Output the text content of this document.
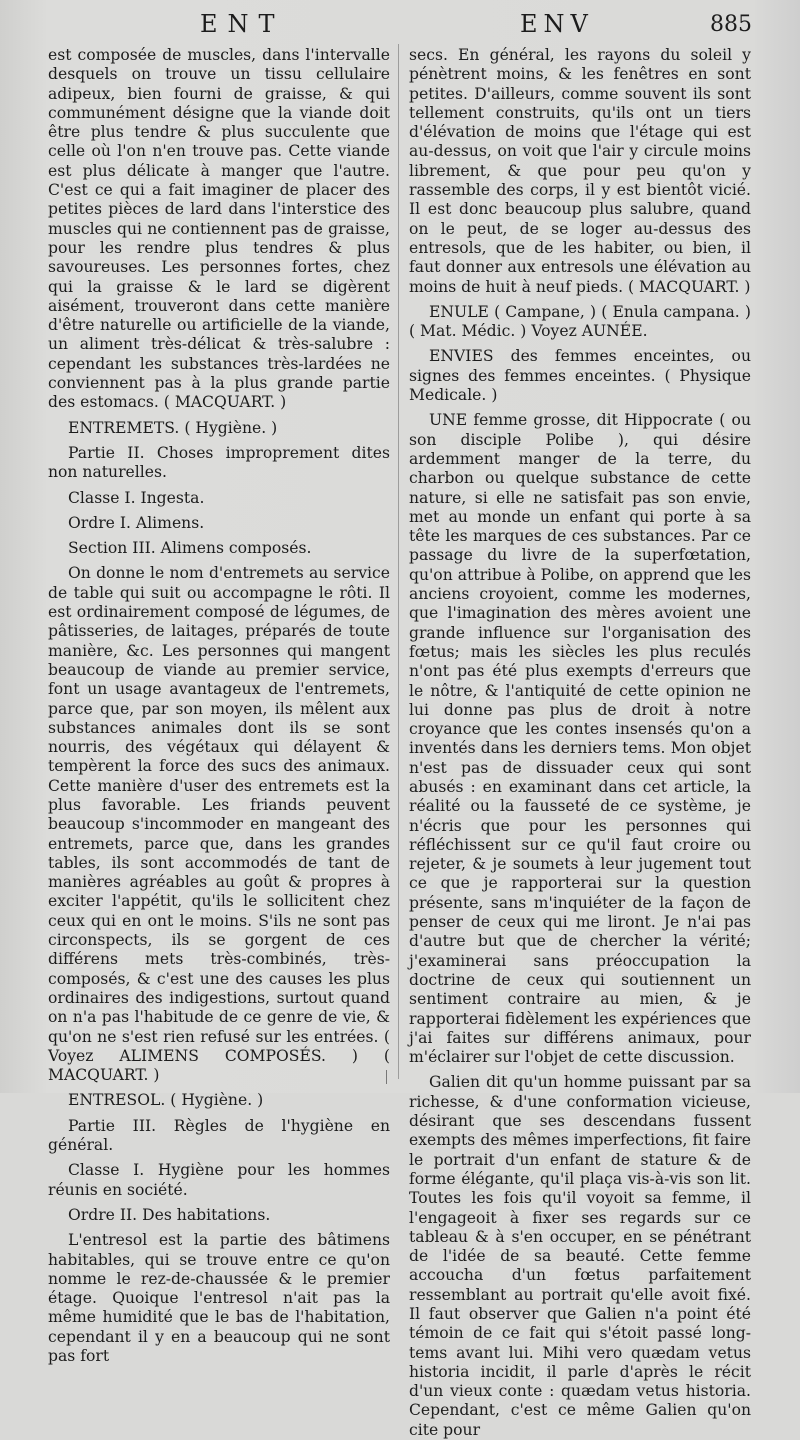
ENT	ENV	885

est composée de muscles, dans l'intervalle desquels on trouve un tissu cellulaire adipeux, bien fourni de graisse, & qui communément désigne que la viande doit être plus tendre & plus succulente que celle où l'on n'en trouve pas. Cette viande est plus délicate à manger que l'autre. C'est ce qui a fait imaginer de placer des petites pièces de lard dans l'interstice des muscles qui ne contiennent pas de graisse, pour les rendre plus tendres & plus savoureuses. Les personnes fortes, chez qui la graisse & le lard se digèrent aisément, trouveront dans cette manière d'être naturelle ou artificielle de la viande, un aliment très-délicat & très-salubre : cependant les substances très-lardées ne conviennent pas à la plus grande partie des estomacs. ( MACQUART. )

ENTREMETS. ( Hygiène. )

Partie II. Choses improprement dites non naturelles.

Classe I. Ingesta.

Ordre I. Alimens.

Section III. Alimens composés.

On donne le nom d'entremets au service de table qui suit ou accompagne le rôti. Il est ordinairement composé de légumes, de pâtisseries, de laitages, préparés de toute manière, &c. Les personnes qui mangent beaucoup de viande au premier service, font un usage avantageux de l'entremets, parce que, par son moyen, ils mêlent aux substances animales dont ils se sont nourris, des végétaux qui délayent & tempèrent la force des sucs des animaux. Cette manière d'user des entremets est la plus favorable. Les friands peuvent beaucoup s'incommoder en mangeant des entremets, parce que, dans les grandes tables, ils sont accommodés de tant de manières agréables au goût & propres à exciter l'appétit, qu'ils le sollicitent chez ceux qui en ont le moins. S'ils ne sont pas circonspects, ils se gorgent de ces différens mets très-combinés, très-composés, & c'est une des causes les plus ordinaires des indigestions, surtout quand on n'a pas l'habitude de ce genre de vie, & qu'on ne s'est rien refusé sur les entrées. ( Voyez ALIMENS COMPOSÉS. ) ( MACQUART. )

ENTRESOL. ( Hygiène. )

Partie III. Règles de l'hygiène en général.

Classe I. Hygiène pour les hommes réunis en société.

Ordre II. Des habitations.

L'entresol est la partie des bâtimens habitables, qui se trouve entre ce qu'on nomme le rez-de-chaussée & le premier étage. Quoique l'entresol n'ait pas la même humidité que le bas de l'habitation, cependant il y en a beaucoup qui ne sont pas fort

secs. En général, les rayons du soleil y pénètrent moins, & les fenêtres en sont petites. D'ailleurs, comme souvent ils sont tellement construits, qu'ils ont un tiers d'élévation de moins que l'étage qui est au-dessus, on voit que l'air y circule moins librement, & que pour peu qu'on y rassemble des corps, il y est bientôt vicié. Il est donc beaucoup plus salubre, quand on le peut, de se loger au-dessus des entresols, que de les habiter, ou bien, il faut donner aux entresols une élévation au moins de huit à neuf pieds. ( MACQUART. )

ENULE ( Campane, ) ( Enula campana. ) ( Mat. Médic. ) Voyez AUNÉE.

ENVIES des femmes enceintes, ou signes des femmes enceintes. ( Physique Medicale. )

UNE femme grosse, dit Hippocrate ( ou son disciple Polibe ), qui désire ardemment manger de la terre, du charbon ou quelque substance de cette nature, si elle ne satisfait pas son envie, met au monde un enfant qui porte à sa tête les marques de ces substances. Par ce passage du livre de la superfœtation, qu'on attribue à Polibe, on apprend que les anciens croyoient, comme les modernes, que l'imagination des mères avoient une grande influence sur l'organisation des fœtus; mais les siècles les plus reculés n'ont pas été plus exempts d'erreurs que le nôtre, & l'antiquité de cette opinion ne lui donne pas plus de droit à notre croyance que les contes insensés qu'on a inventés dans les derniers tems. Mon objet n'est pas de dissuader ceux qui sont abusés : en examinant dans cet article, la réalité ou la fausseté de ce système, je n'écris que pour les personnes qui réfléchissent sur ce qu'il faut croire ou rejeter, & je soumets à leur jugement tout ce que je rapporterai sur la question présente, sans m'inquiéter de la façon de penser de ceux qui me liront. Je n'ai pas d'autre but que de chercher la vérité; j'examinerai sans préoccupation la doctrine de ceux qui soutiennent un sentiment contraire au mien, & je rapporterai fidèlement les expériences que j'ai faites sur différens animaux, pour m'éclairer sur l'objet de cette discussion.

Galien dit qu'un homme puissant par sa richesse, & d'une conformation vicieuse, désirant que ses descendans fussent exempts des mêmes imperfections, fit faire le portrait d'un enfant de stature & de forme élégante, qu'il plaça vis-à-vis son lit. Toutes les fois qu'il voyoit sa femme, il l'engageoit à fixer ses regards sur ce tableau & à s'en occuper, en se pénétrant de l'idée de sa beauté. Cette femme accoucha d'un fœtus parfaitement ressemblant au portrait qu'elle avoit fixé. Il faut observer que Galien n'a point été témoin de ce fait qui s'étoit passé long-tems avant lui. Mihi vero quædam vetus historia incidit, il parle d'après le récit d'un vieux conte : quædam vetus historia. Cependant, c'est ce même Galien qu'on cite pour
